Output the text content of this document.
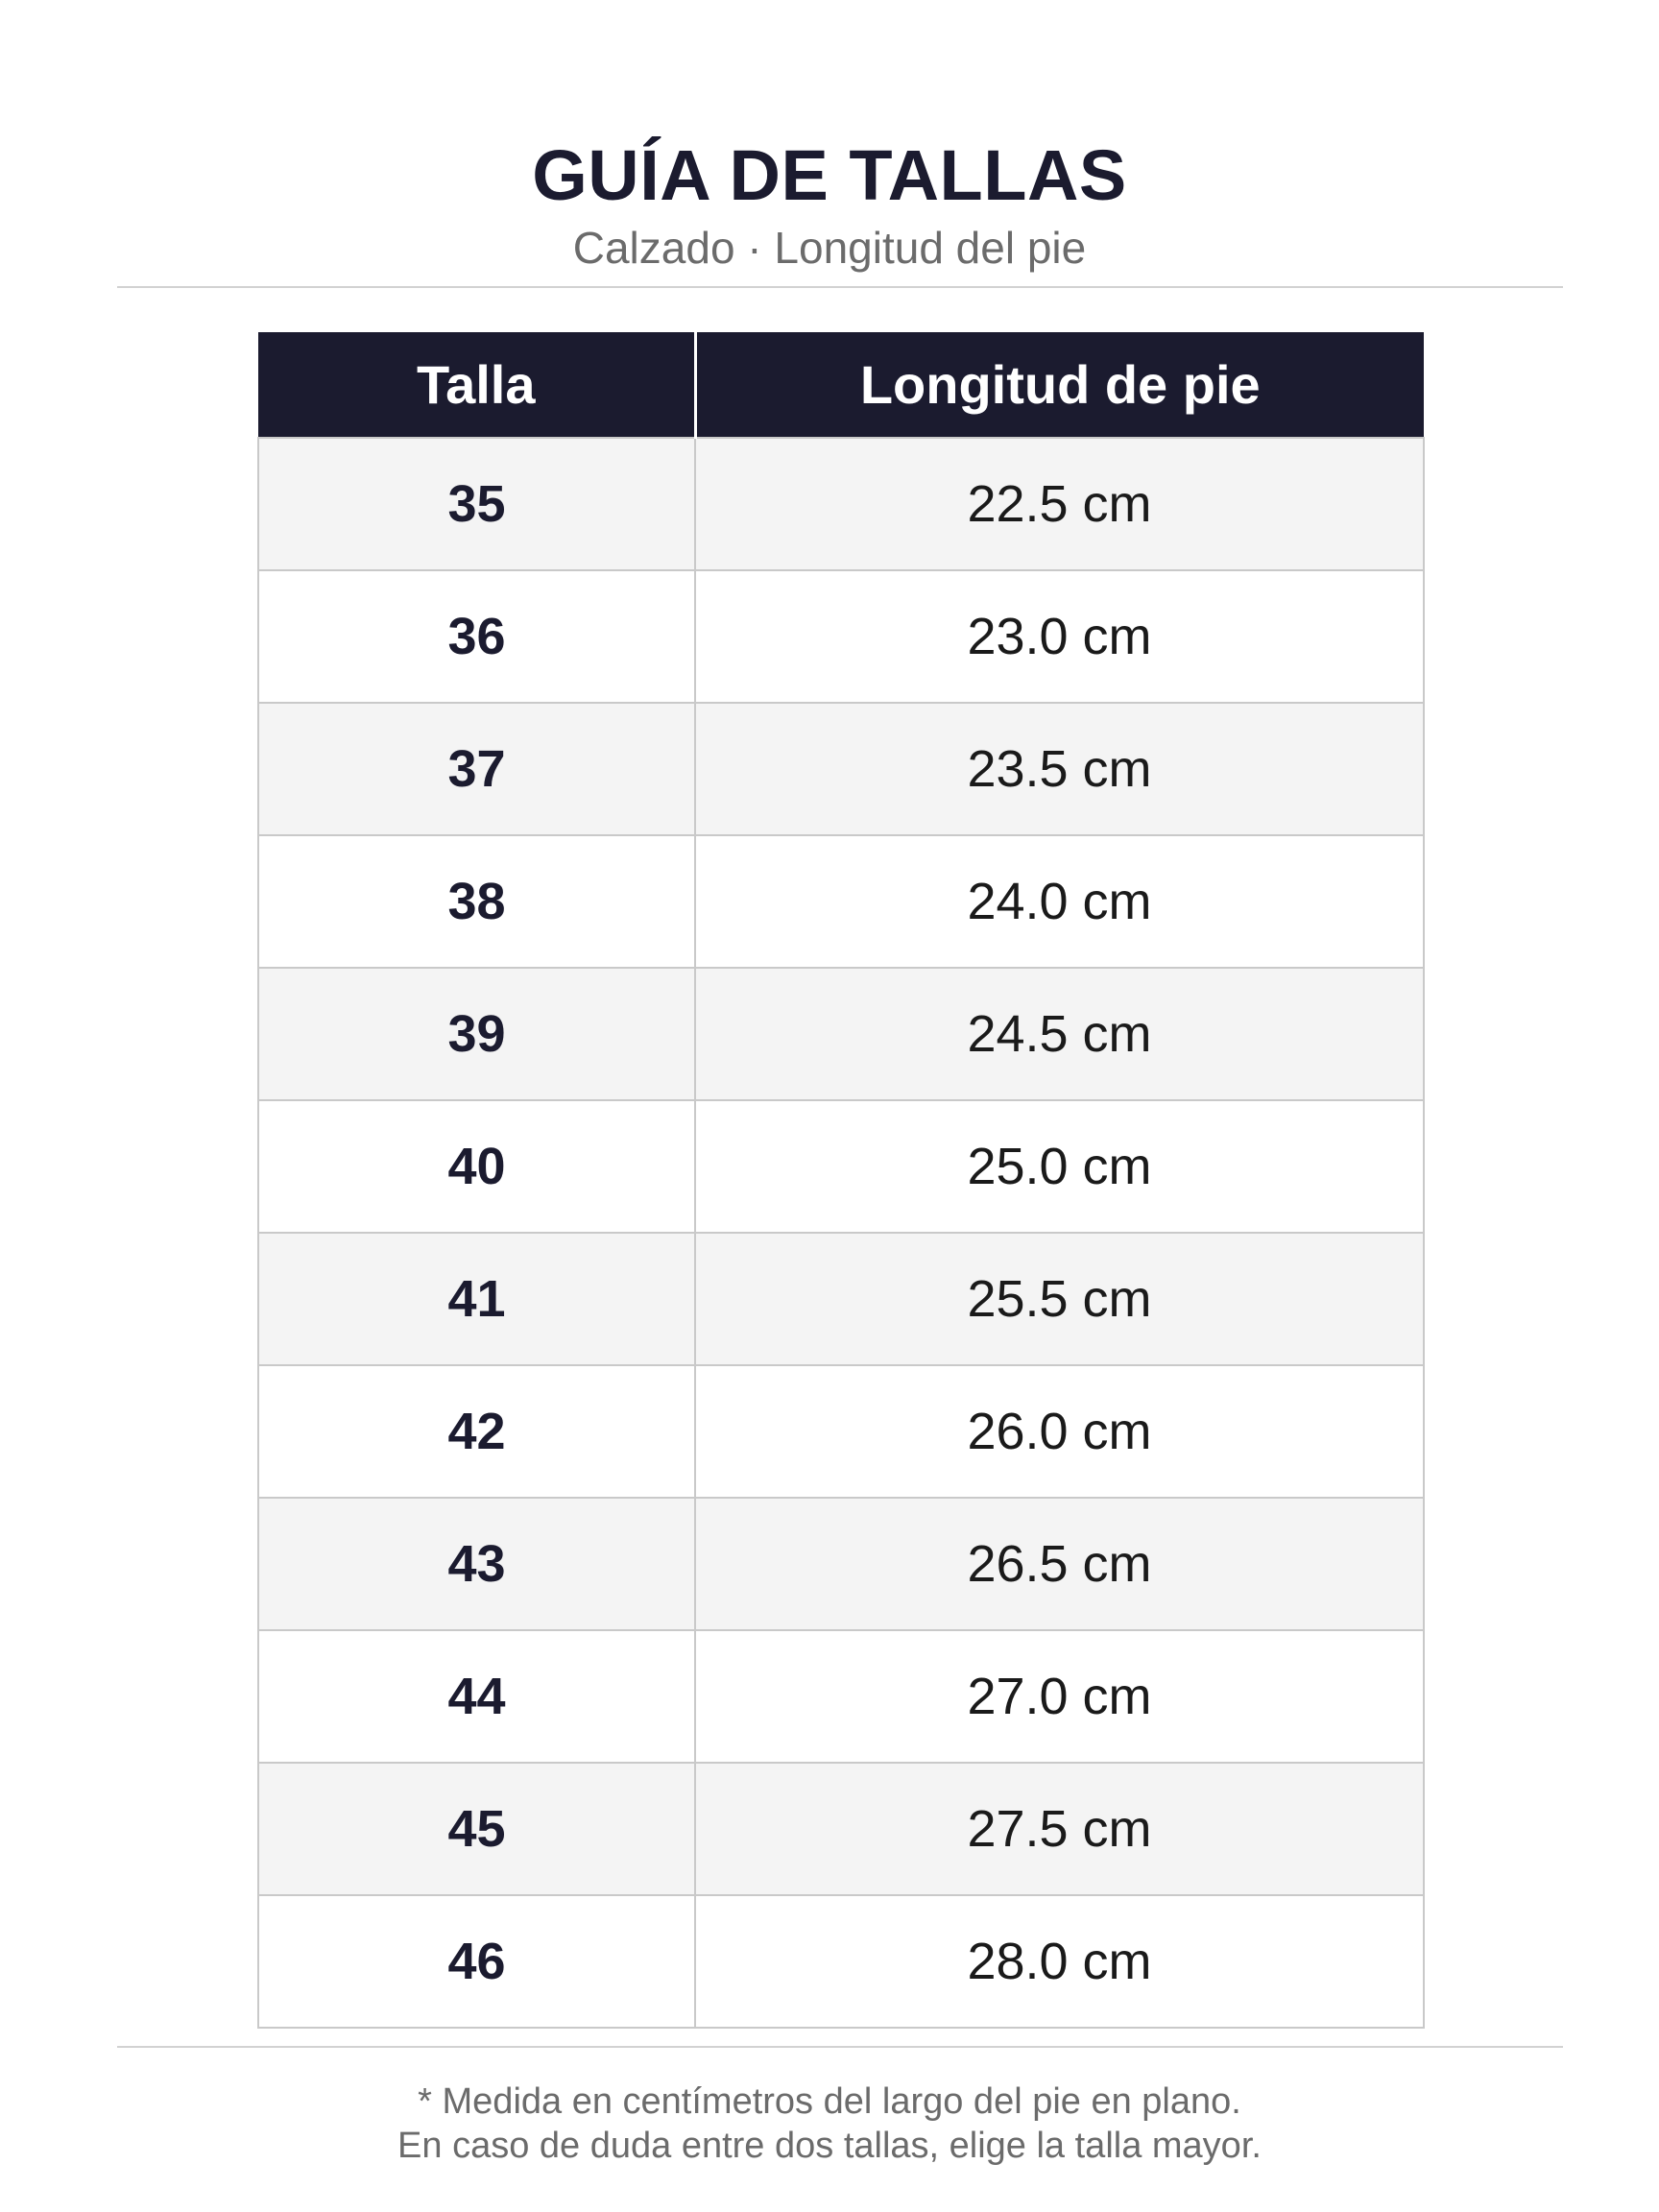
GUÍA DE TALLAS
Calzado · Longitud del pie
Talla	Longitud de pie
35	22.5 cm
36	23.0 cm
37	23.5 cm
38	24.0 cm
39	24.5 cm
40	25.0 cm
41	25.5 cm
42	26.0 cm
43	26.5 cm
44	27.0 cm
45	27.5 cm
46	28.0 cm
* Medida en centímetros del largo del pie en plano.
En caso de duda entre dos tallas, elige la talla mayor.
